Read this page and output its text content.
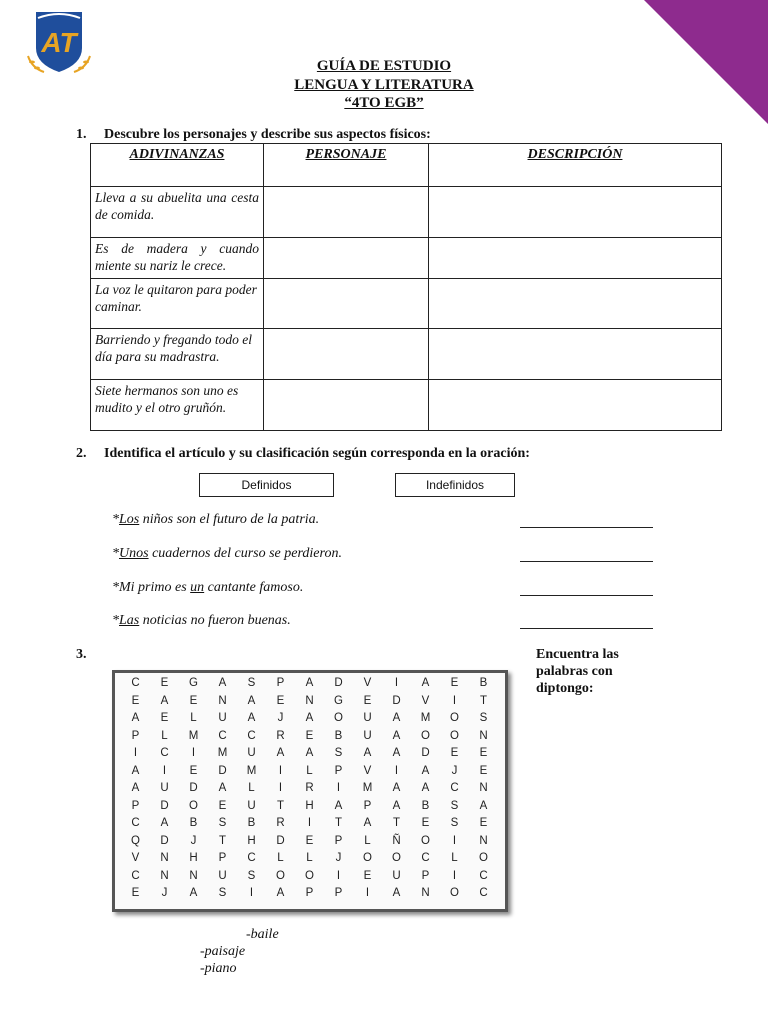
AT
GUÍA DE ESTUDIO
LENGUA Y LITERATURA
“4TO EGB”
1. Descubre los personajes y describe sus aspectos físicos:
ADIVINANZAS	PERSONAJE	DESCRIPCIÓN
Lleva a su abuelita una cesta de comida.		
Es de madera y cuando miente su nariz le crece.		
La voz le quitaron para poder caminar.		
Barriendo y fregando todo el día para su madrastra.		
Siete hermanos son uno es mudito y el otro gruñón.		
2. Identifica el artículo y su clasificación según corresponda en la oración:
Definidos	Indefinidos
*Los niños son el futuro de la patria.
*Unos cuadernos del curso se perdieron.
*Mi primo es un cantante famoso.
*Las noticias no fueron buenas.
3.	Encuentra las palabras con diptongo:
C	E	G	A	S	P	A	D	V	I	A	E	B
E	A	E	N	A	E	N	G	E	D	V	I	T
A	E	L	U	A	J	A	O	U	A	M	O	S
P	L	M	C	C	R	E	B	U	A	O	O	N
I	C	I	M	U	A	A	S	A	A	D	E	E
A	I	E	D	M	I	L	P	V	I	A	J	E
A	U	D	A	L	I	R	I	M	A	A	C	N
P	D	O	E	U	T	H	A	P	A	B	S	A
C	A	B	S	B	R	I	T	A	T	E	S	E
Q	D	J	T	H	D	E	P	L	Ñ	O	I	N
V	N	H	P	C	L	L	J	O	O	C	L	O
C	N	N	U	S	O	O	I	E	U	P	I	C
E	J	A	S	I	A	P	P	I	A	N	O	C
-baile
-paisaje
-piano
